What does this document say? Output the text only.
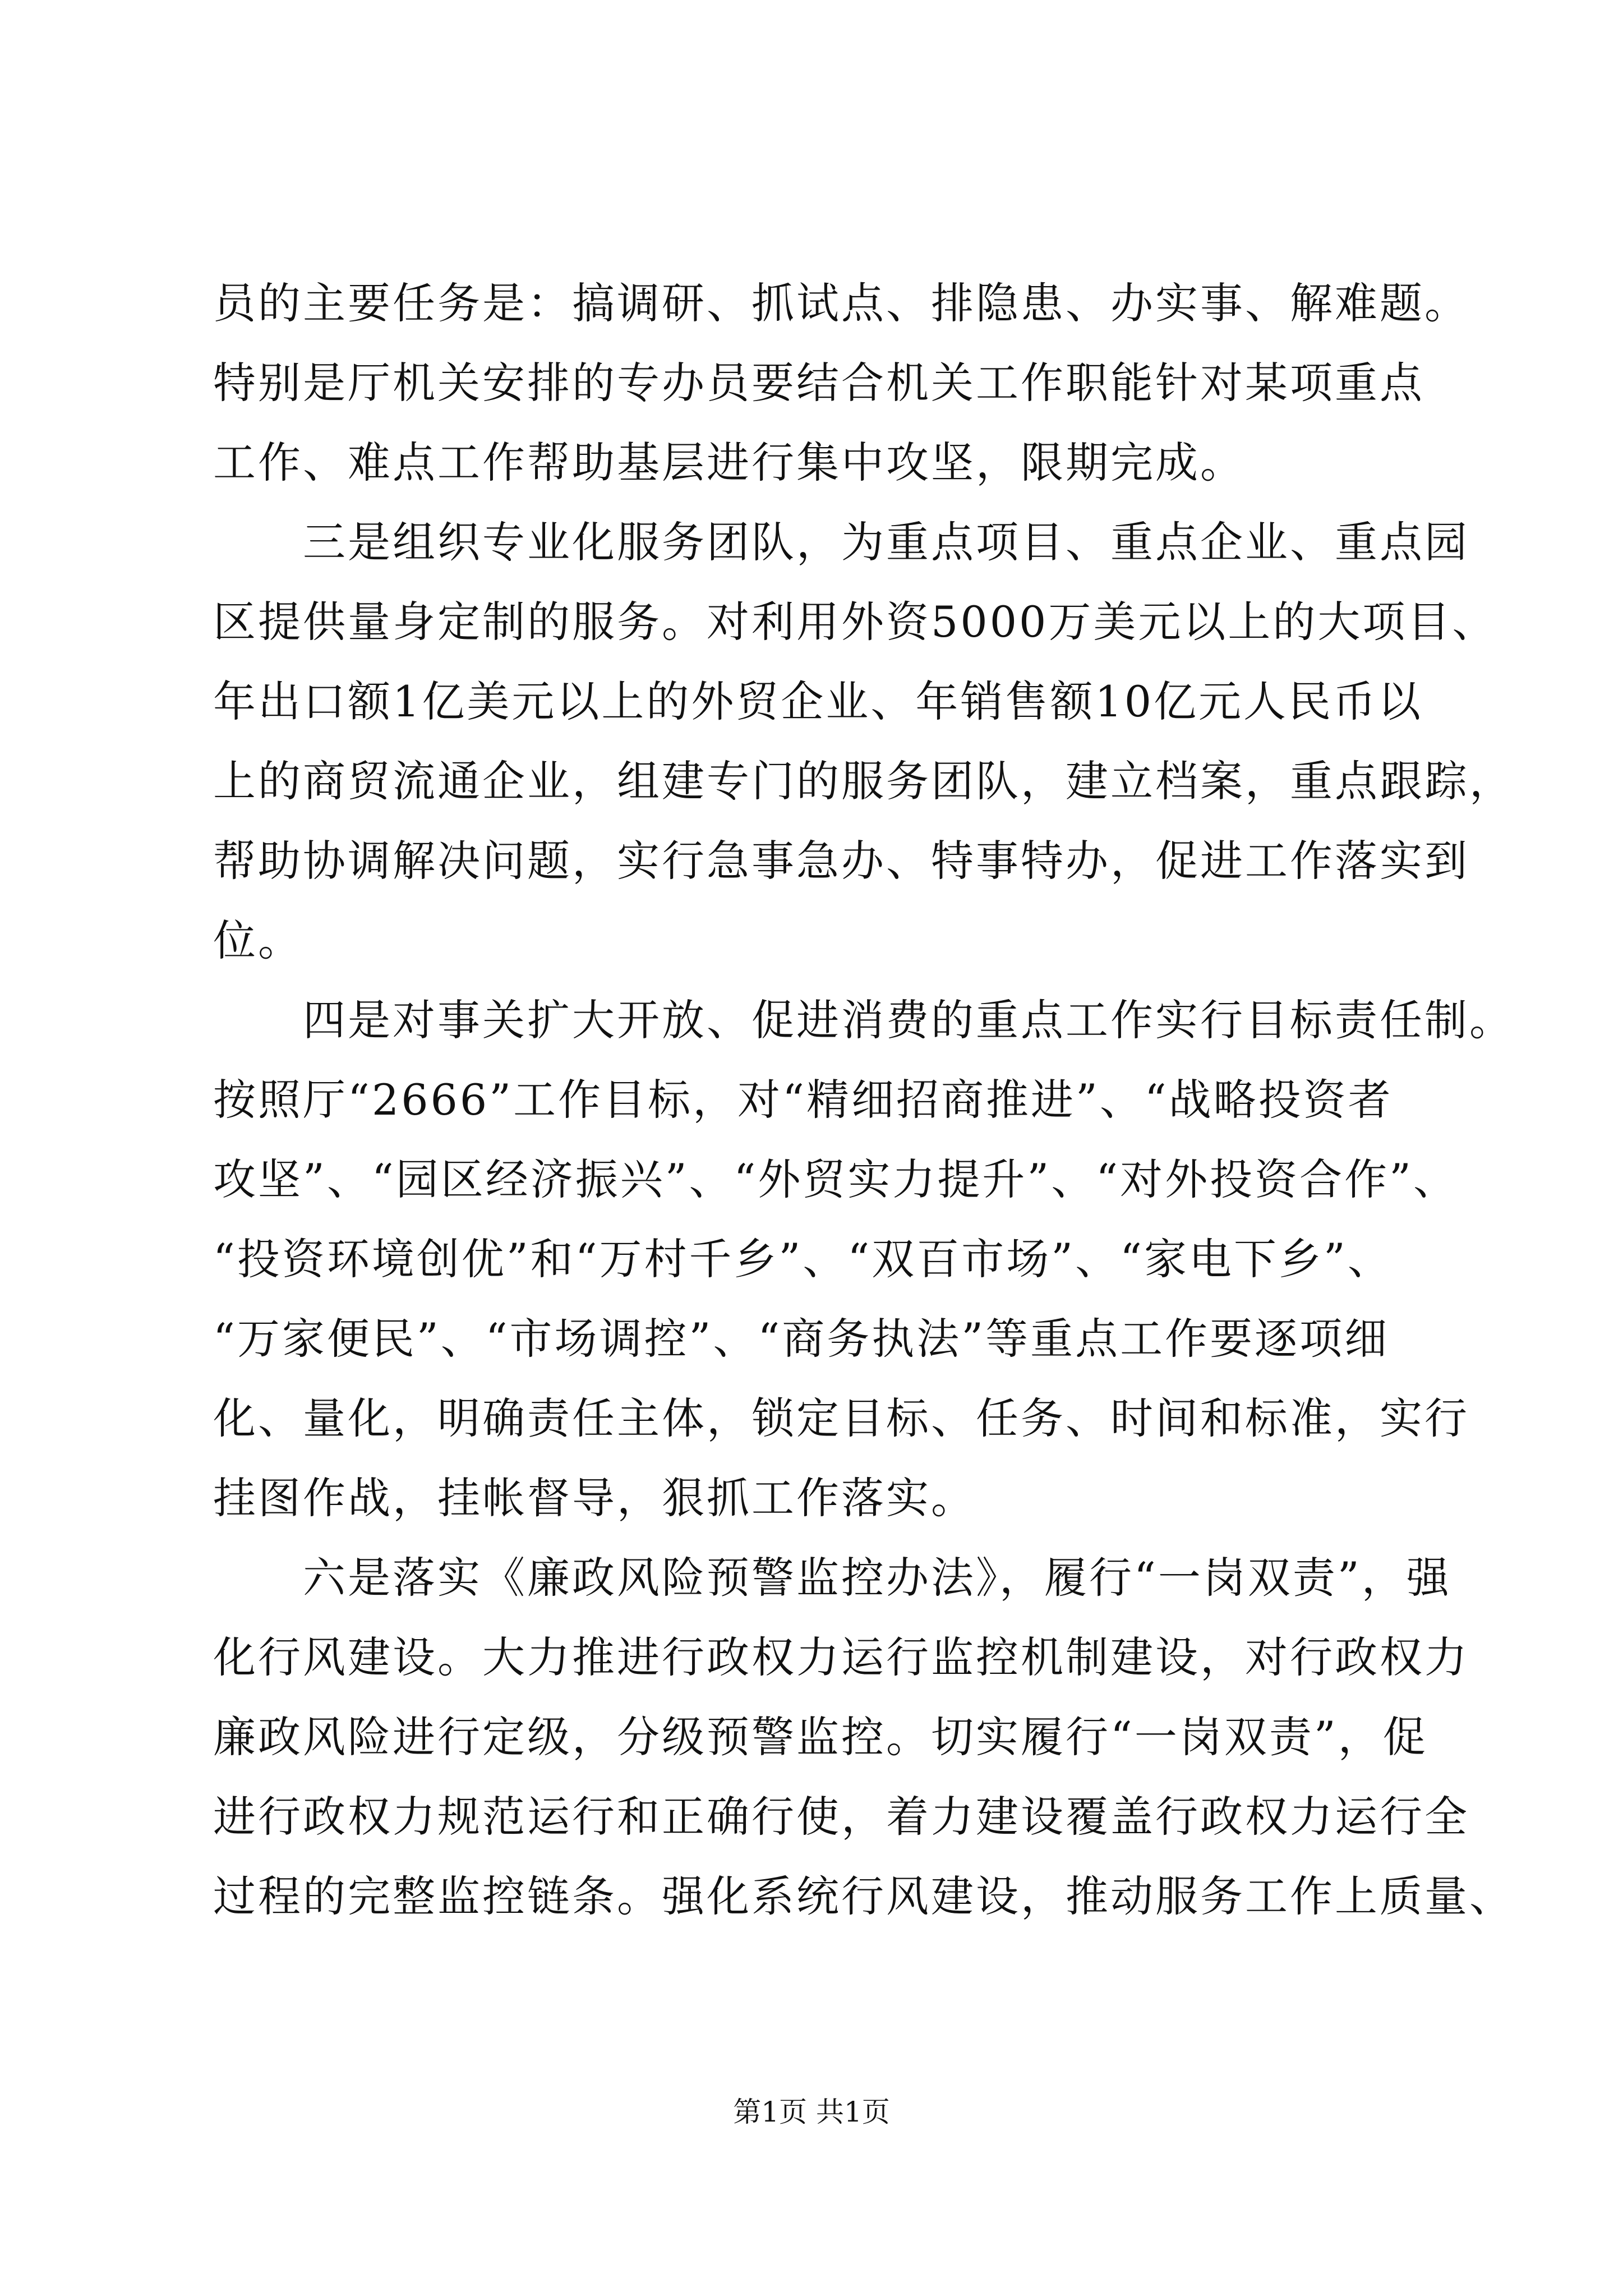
员的主要任务是：搞调研、抓试点、排隐患、办实事、解难题。
特别是厅机关安排的专办员要结合机关工作职能针对某项重点
工作、难点工作帮助基层进行集中攻坚，限期完成。
　　三是组织专业化服务团队，为重点项目、重点企业、重点园
区提供量身定制的服务。对利用外资5000万美元以上的大项目、
年出口额1亿美元以上的外贸企业、年销售额10亿元人民币以
上的商贸流通企业，组建专门的服务团队，建立档案，重点跟踪，
帮助协调解决问题，实行急事急办、特事特办，促进工作落实到
位。
　　四是对事关扩大开放、促进消费的重点工作实行目标责任制。
按照厅“2666”工作目标，对“精细招商推进”、“战略投资者
攻坚”、“园区经济振兴”、“外贸实力提升”、“对外投资合作”、
“投资环境创优”和“万村千乡”、“双百市场”、“家电下乡”、
“万家便民”、“市场调控”、“商务执法”等重点工作要逐项细
化、量化，明确责任主体，锁定目标、任务、时间和标准，实行
挂图作战，挂帐督导，狠抓工作落实。
　　六是落实《廉政风险预警监控办法》，履行“一岗双责”，强
化行风建设。大力推进行政权力运行监控机制建设，对行政权力
廉政风险进行定级，分级预警监控。切实履行“一岗双责”，促
进行政权力规范运行和正确行使，着力建设覆盖行政权力运行全
过程的完整监控链条。强化系统行风建设，推动服务工作上质量、
第1页 共1页
